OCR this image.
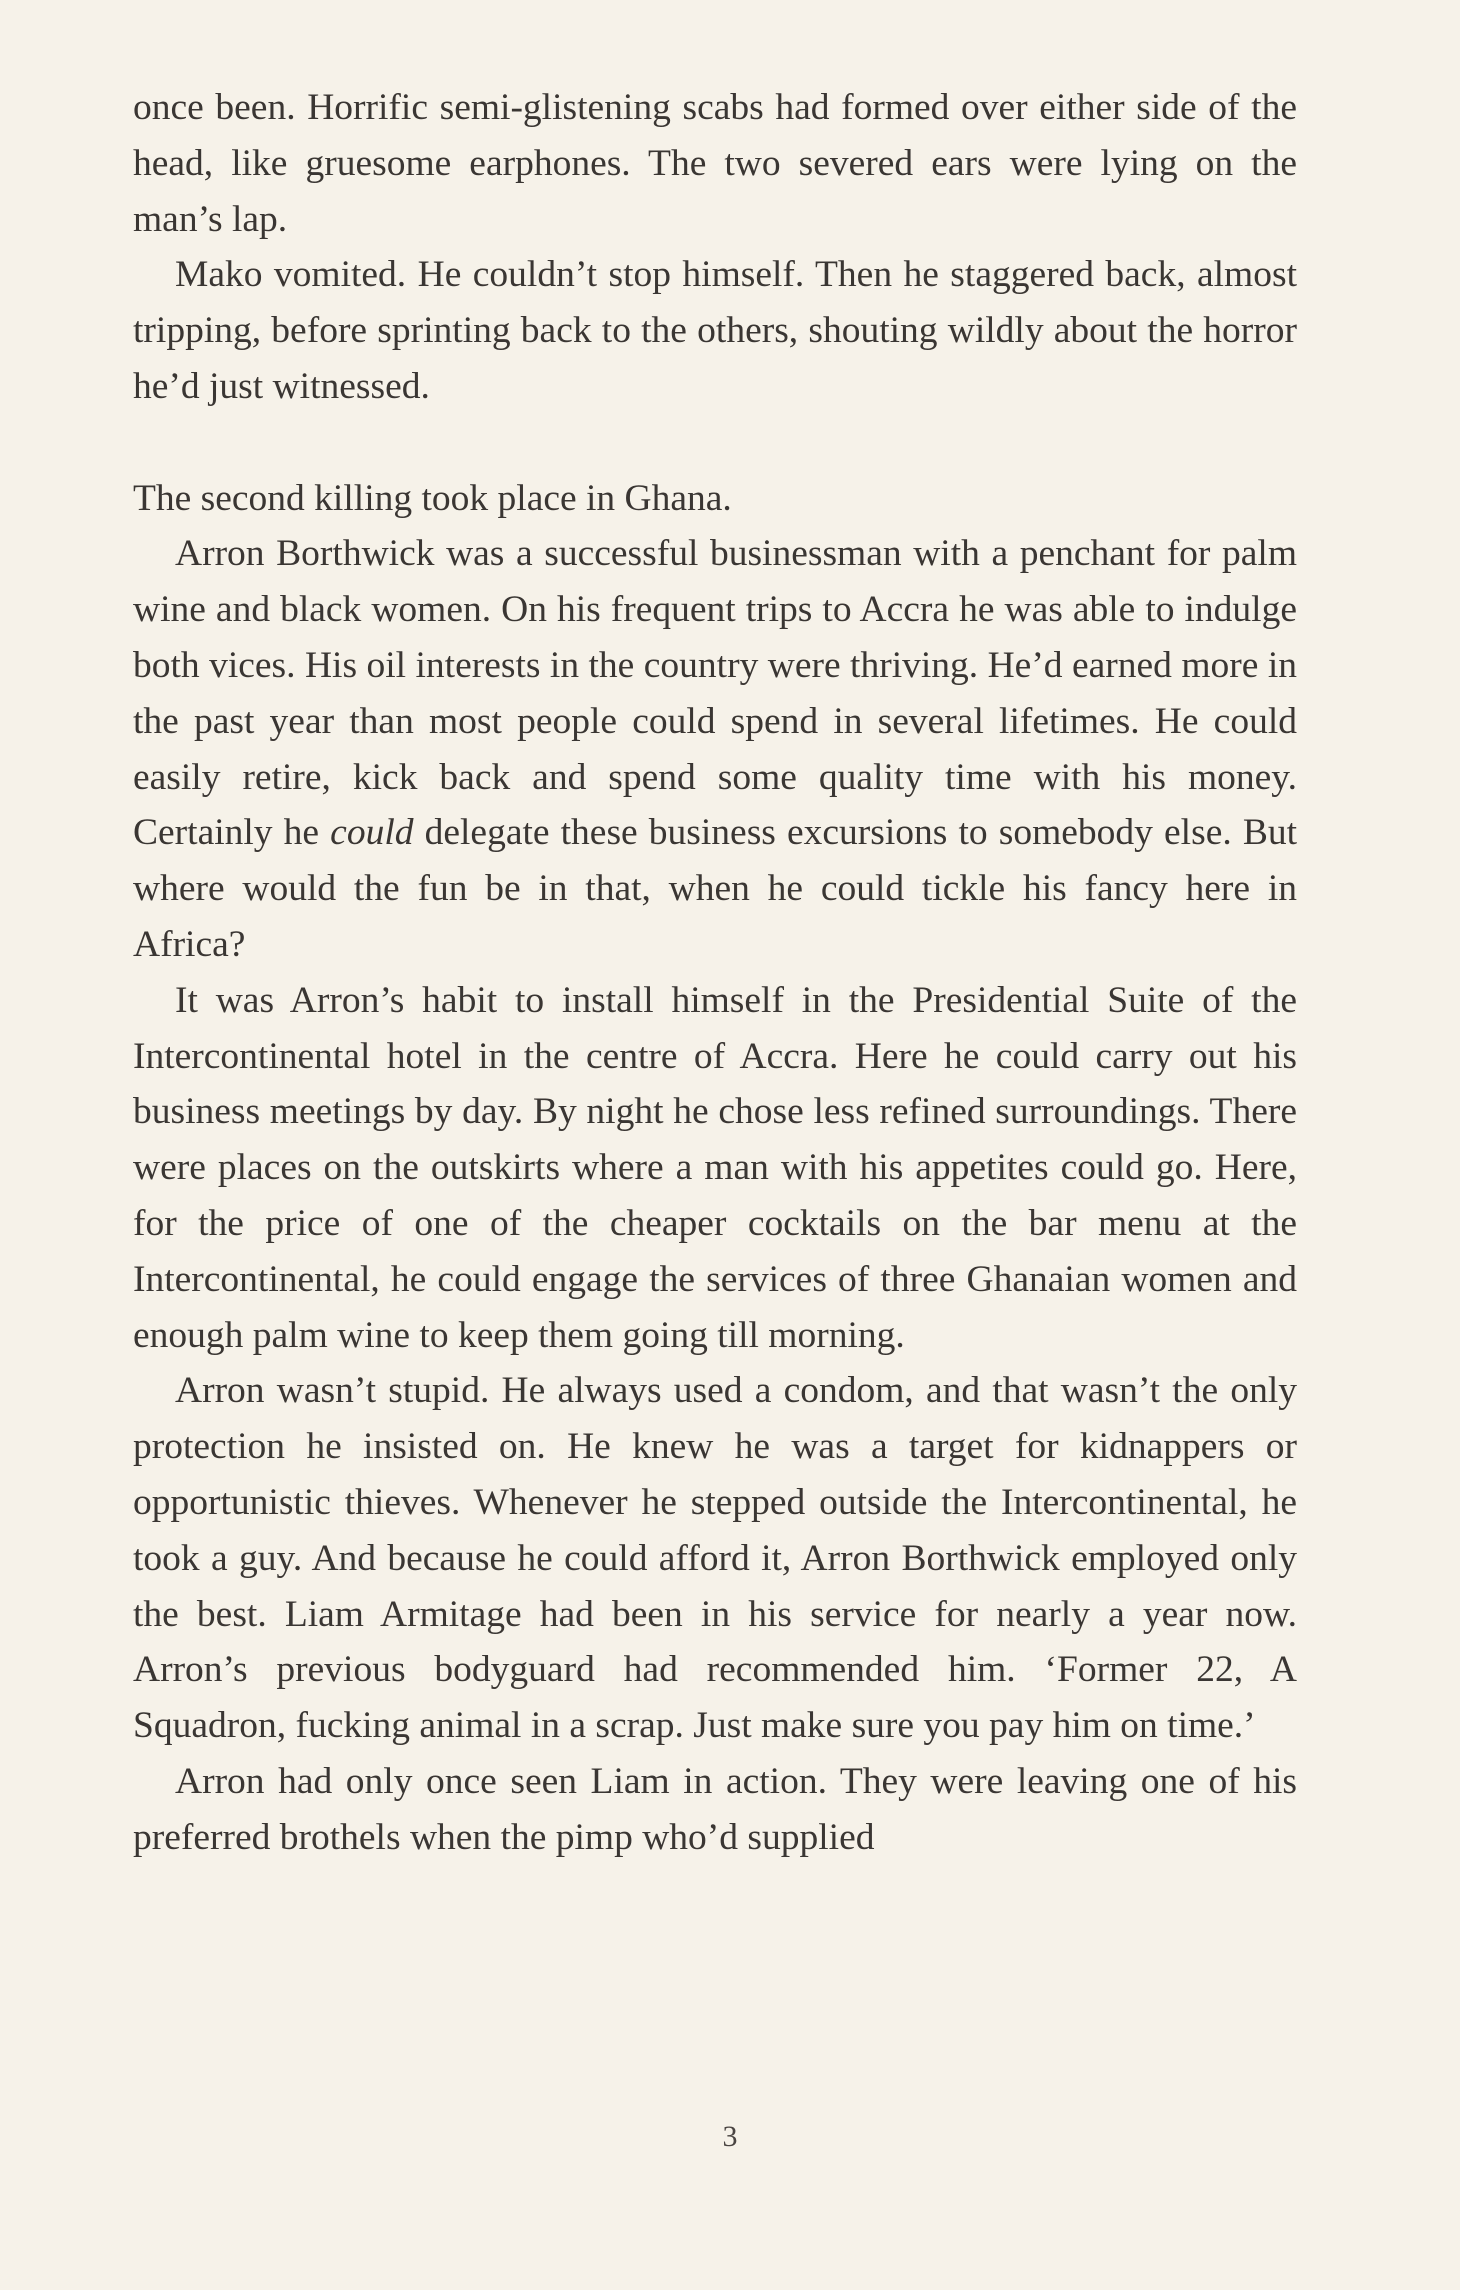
once been. Horrific semi-glistening scabs had formed over either side of the head, like gruesome earphones. The two severed ears were lying on the man’s lap.

Mako vomited. He couldn’t stop himself. Then he staggered back, almost tripping, before sprinting back to the others, shouting wildly about the horror he’d just witnessed.

The second killing took place in Ghana.

Arron Borthwick was a successful businessman with a penchant for palm wine and black women. On his frequent trips to Accra he was able to indulge both vices. His oil interests in the country were thriving. He’d earned more in the past year than most people could spend in several lifetimes. He could easily retire, kick back and spend some quality time with his money. Certainly he could delegate these business excursions to somebody else. But where would the fun be in that, when he could tickle his fancy here in Africa?

It was Arron’s habit to install himself in the Presidential Suite of the Intercontinental hotel in the centre of Accra. Here he could carry out his business meetings by day. By night he chose less refined surroundings. There were places on the outskirts where a man with his appetites could go. Here, for the price of one of the cheaper cocktails on the bar menu at the Intercontinental, he could engage the services of three Ghanaian women and enough palm wine to keep them going till morning.

Arron wasn’t stupid. He always used a condom, and that wasn’t the only protection he insisted on. He knew he was a target for kidnappers or opportunistic thieves. Whenever he stepped outside the Intercontinental, he took a guy. And because he could afford it, Arron Borthwick employed only the best. Liam Armitage had been in his service for nearly a year now. Arron’s previous bodyguard had recommended him. ‘Former 22, A Squadron, fucking animal in a scrap. Just make sure you pay him on time.’

Arron had only once seen Liam in action. They were leaving one of his preferred brothels when the pimp who’d supplied

3
